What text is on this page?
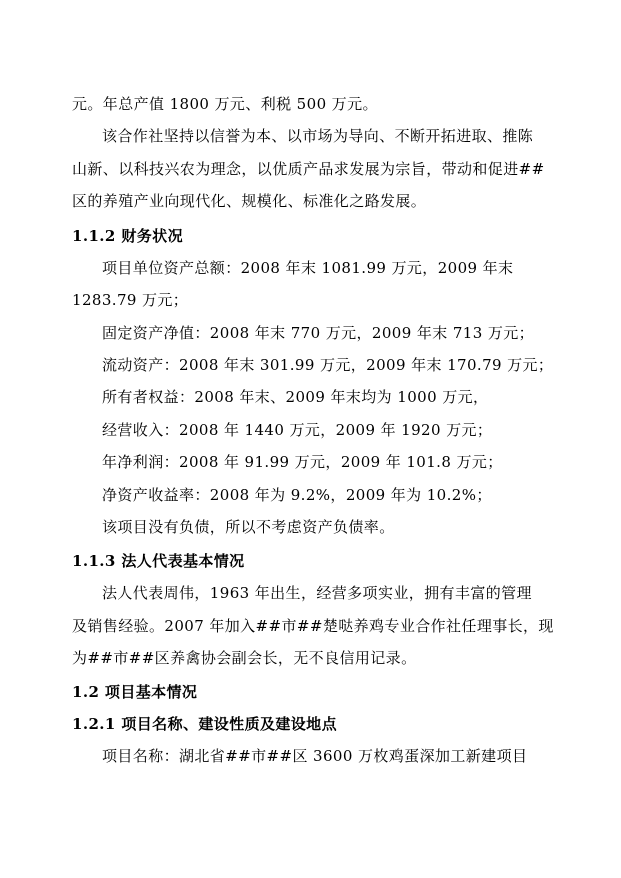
元。年总产值 1800 万元、利税 500 万元。
该合作社坚持以信誉为本、以市场为导向、不断开拓进取、推陈
山新、以科技兴农为理念，以优质产品求发展为宗旨，带动和促进##
区的养殖产业向现代化、规模化、标准化之路发展。
1.1.2 财务状况
项目单位资产总额：2008 年末 1081.99 万元，2009 年末
1283.79 万元；
固定资产净值：2008 年末 770 万元，2009 年末 713 万元；
流动资产：2008 年末 301.99 万元，2009 年末 170.79 万元；
所有者权益：2008 年末、2009 年末均为 1000 万元，
经营收入：2008 年 1440 万元，2009 年 1920 万元；
年净利润：2008 年 91.99 万元，2009 年 101.8 万元；
净资产收益率：2008 年为 9.2%，2009 年为 10.2%；
该项目没有负债，所以不考虑资产负债率。
1.1.3 法人代表基本情况
法人代表周伟，1963 年出生，经营多项实业，拥有丰富的管理
及销售经验。2007 年加入##市##楚哒养鸡专业合作社任理事长，现
为##市##区养禽协会副会长，无不良信用记录。
1.2 项目基本情况
1.2.1 项目名称、建设性质及建设地点
项目名称：湖北省##市##区 3600 万枚鸡蛋深加工新建项目
